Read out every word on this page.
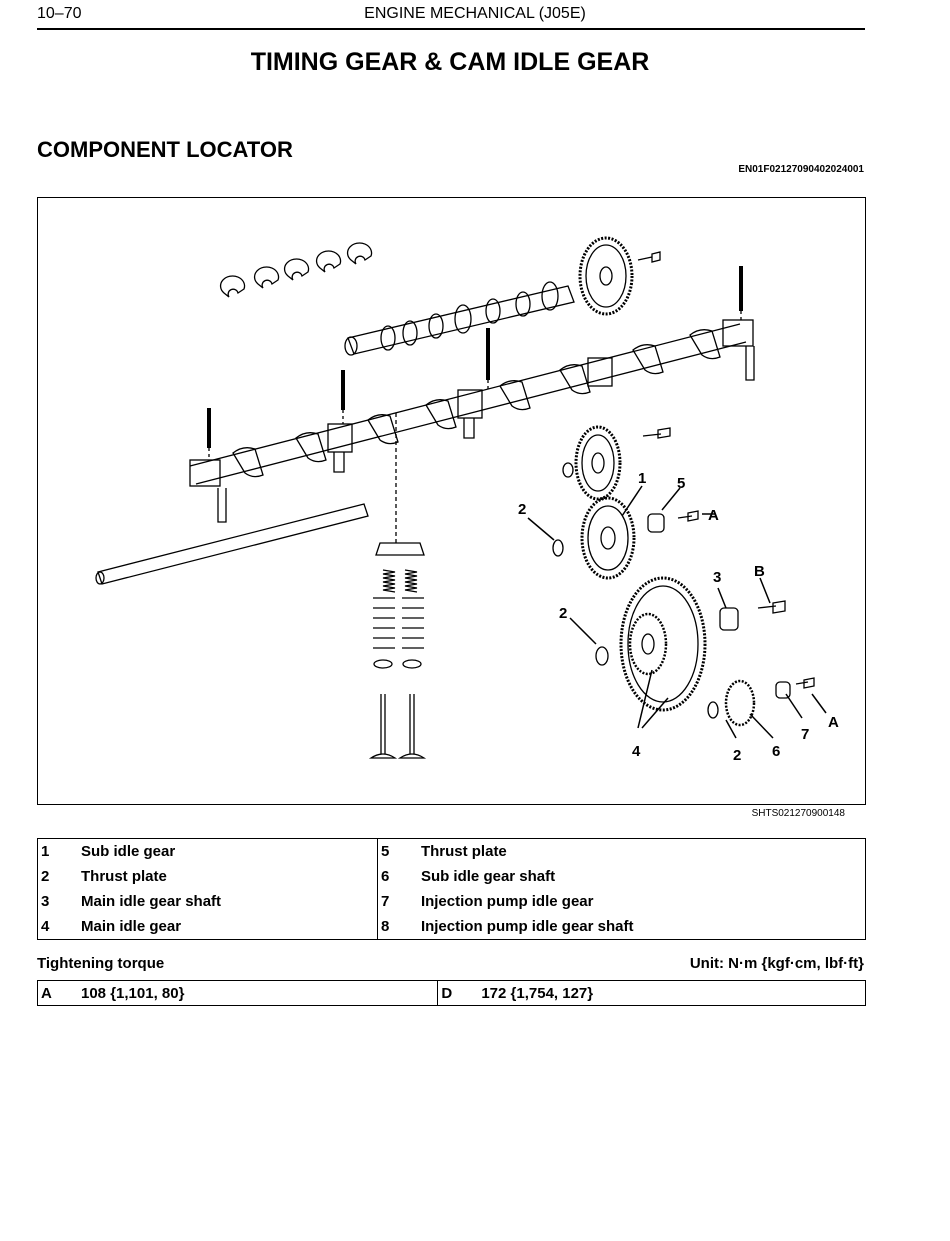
10–70	ENGINE MECHANICAL (J05E)
TIMING GEAR & CAM IDLE GEAR
COMPONENT LOCATOR
EN01F02127090402024001
1 5
A
2
3 B
2
4	2 6
7
A
SHTS021270900148
1	Sub idle gear	5	Thrust plate
2	Thrust plate	6	Sub idle gear shaft
3	Main idle gear shaft	7	Injection pump idle gear
4	Main idle gear	8	Injection pump idle gear shaft
Tightening torque	Unit: N·m {kgf·cm, lbf·ft}
A	108 {1,101, 80}	D	172 {1,754, 127}
